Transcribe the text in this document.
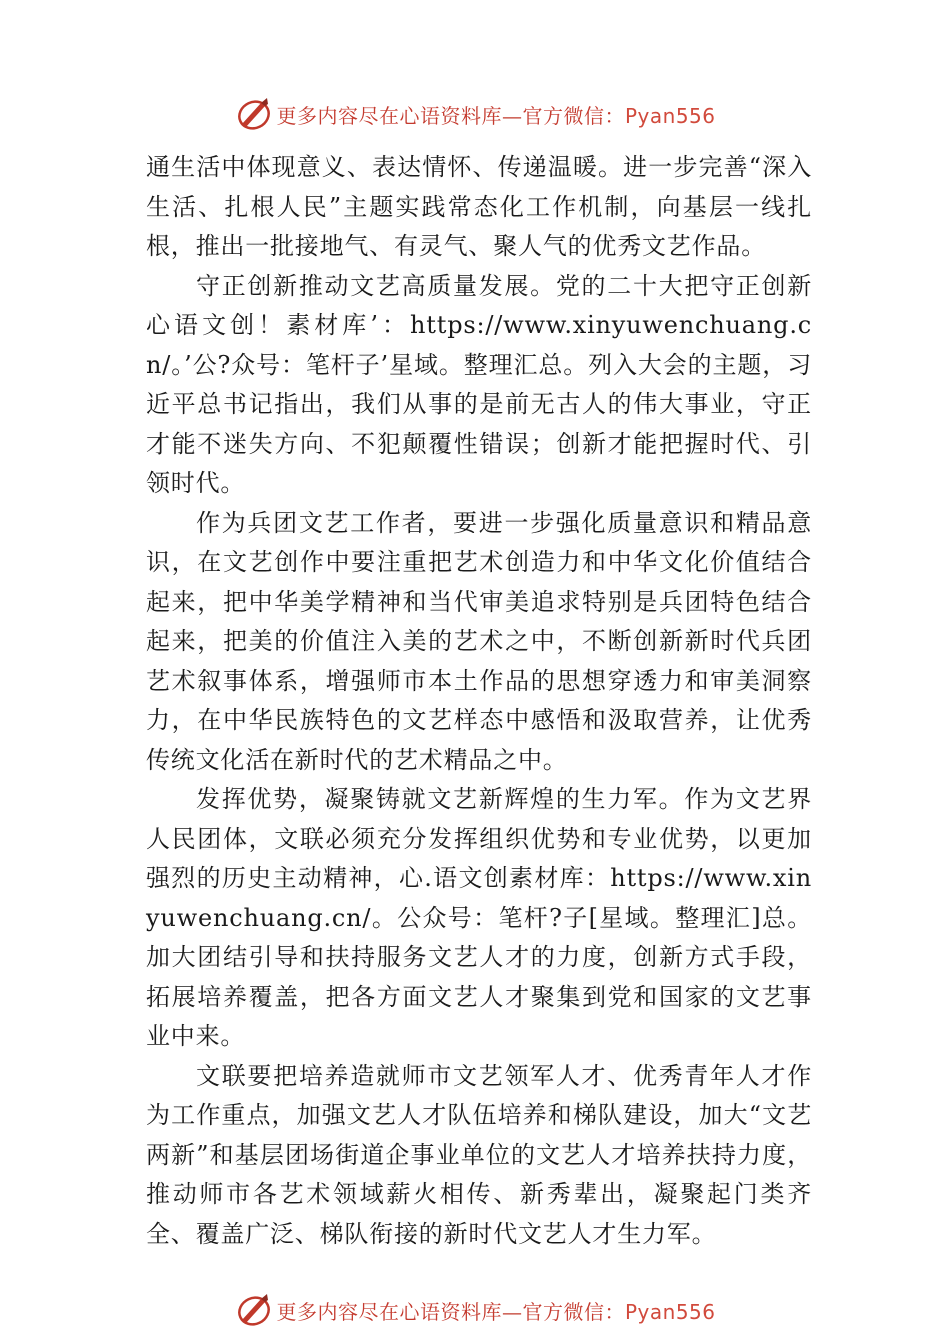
更多内容尽在心语资料库—官方微信：Pyan556

通生活中体现意义、表达情怀、传递温暖。进一步完善“深入生活、扎根人民”主题实践常态化工作机制，向基层一线扎根，推出一批接地气、有灵气、聚人气的优秀文艺作品。

守正创新推动文艺高质量发展。党的二十大把守正创新心语文创！素材库’：https://www.xinyuwenchuang.cn/。’公?众号：笔杆子’星域。整理汇总。列入大会的主题，习近平总书记指出，我们从事的是前无古人的伟大事业，守正才能不迷失方向、不犯颠覆性错误；创新才能把握时代、引领时代。

作为兵团文艺工作者，要进一步强化质量意识和精品意识，在文艺创作中要注重把艺术创造力和中华文化价值结合起来，把中华美学精神和当代审美追求特别是兵团特色结合起来，把美的价值注入美的艺术之中，不断创新新时代兵团艺术叙事体系，增强师市本土作品的思想穿透力和审美洞察力，在中华民族特色的文艺样态中感悟和汲取营养，让优秀传统文化活在新时代的艺术精品之中。

发挥优势，凝聚铸就文艺新辉煌的生力军。作为文艺界人民团体，文联必须充分发挥组织优势和专业优势，以更加强烈的历史主动精神，心.语文创素材库：https://www.xinyuwenchuang.cn/。公众号：笔杆?子[星域。整理汇]总。加大团结引导和扶持服务文艺人才的力度，创新方式手段，拓展培养覆盖，把各方面文艺人才聚集到党和国家的文艺事业中来。

文联要把培养造就师市文艺领军人才、优秀青年人才作为工作重点，加强文艺人才队伍培养和梯队建设，加大“文艺两新”和基层团场街道企事业单位的文艺人才培养扶持力度，推动师市各艺术领域薪火相传、新秀辈出，凝聚起门类齐全、覆盖广泛、梯队衔接的新时代文艺人才生力军。

更多内容尽在心语资料库—官方微信：Pyan556
